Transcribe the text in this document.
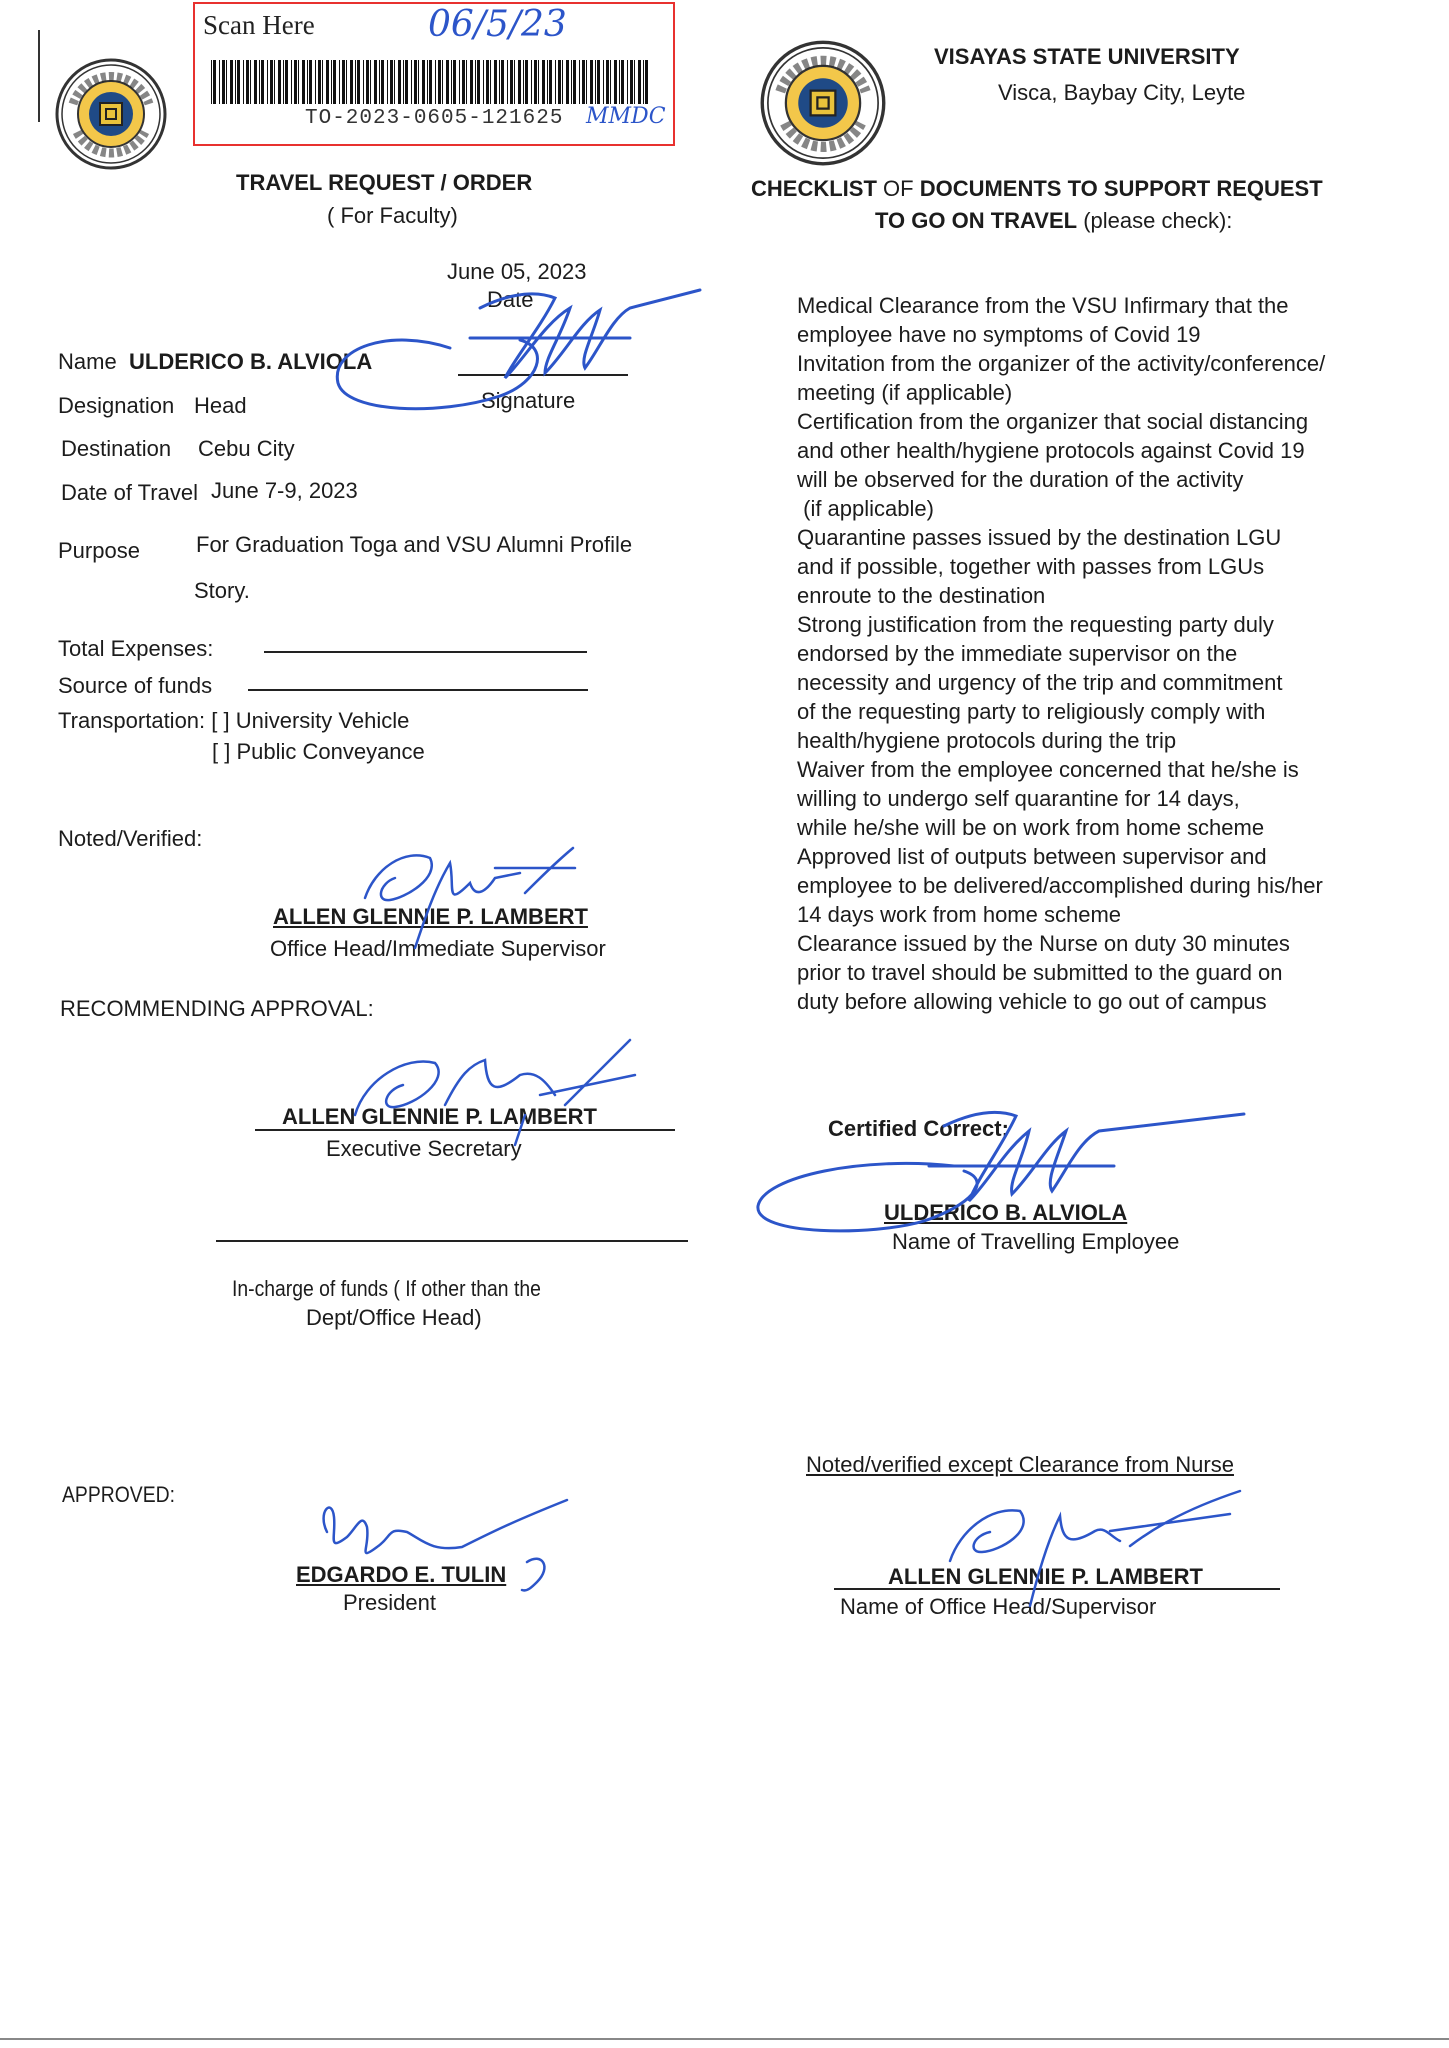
Scan Here
TO-2023-0605-121625
06/5/23
MMDC
VISAYAS STATE UNIVERSITY
Visca, Baybay City, Leyte
TRAVEL REQUEST / ORDER
( For Faculty)
June 05, 2023
Date
Name ULDERICO B. ALVIOLA
Signature
Designation Head
Destination Cebu City
Date of Travel June 7-9, 2023
Purpose	For Graduation Toga and VSU Alumni Profile
Story.
Total Expenses:
Source of funds
Transportation: [ ] University Vehicle
[ ] Public Conveyance
Noted/Verified:
ALLEN GLENNIE P. LAMBERT
Office Head/Immediate Supervisor
RECOMMENDING APPROVAL:
ALLEN GLENNIE P. LAMBERT
Executive Secretary
In-charge of funds ( If other than the
Dept/Office Head)
APPROVED:
EDGARDO E. TULIN
President
CHECKLIST OF DOCUMENTS TO SUPPORT REQUEST
TO GO ON TRAVEL (please check):
Medical Clearance from the VSU Infirmary that the
employee have no symptoms of Covid 19
Invitation from the organizer of the activity/conference/
meeting (if applicable)
Certification from the organizer that social distancing
and other health/hygiene protocols against Covid 19
will be observed for the duration of the activity
(if applicable)
Quarantine passes issued by the destination LGU
and if possible, together with passes from LGUs
enroute to the destination
Strong justification from the requesting party duly
endorsed by the immediate supervisor on the
necessity and urgency of the trip and commitment
of the requesting party to religiously comply with
health/hygiene protocols during the trip
Waiver from the employee concerned that he/she is
willing to undergo self quarantine for 14 days,
while he/she will be on work from home scheme
Approved list of outputs between supervisor and
employee to be delivered/accomplished during his/her
14 days work from home scheme
Clearance issued by the Nurse on duty 30 minutes
prior to travel should be submitted to the guard on
duty before allowing vehicle to go out of campus
Certified Correct:
ULDERICO B. ALVIOLA
Name of Travelling Employee
Noted/verified except Clearance from Nurse
ALLEN GLENNIE P. LAMBERT
Name of Office Head/Supervisor
